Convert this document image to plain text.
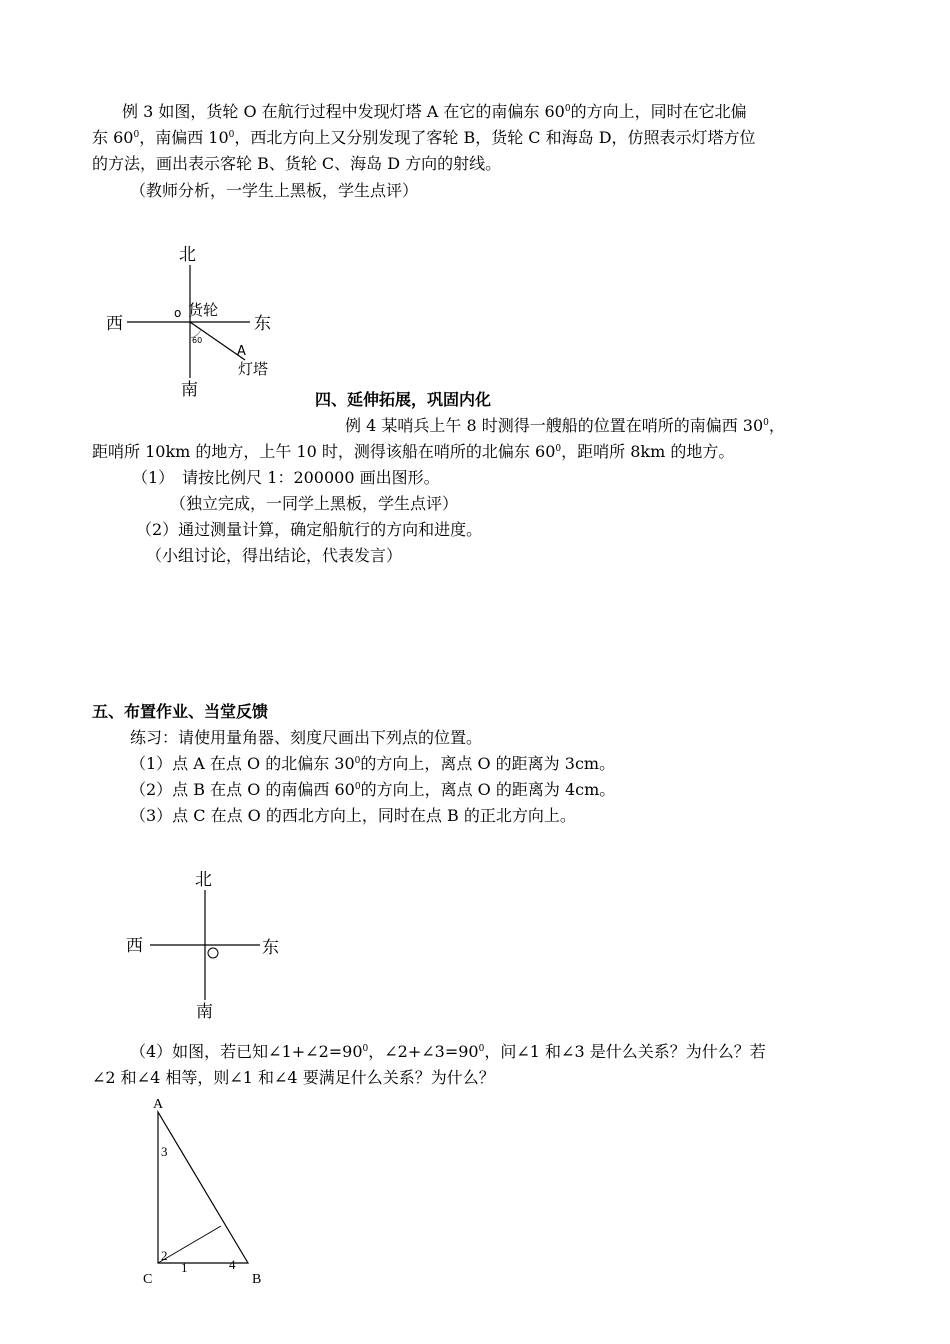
例 3 如图，货轮 O 在航行过程中发现灯塔 A 在它的南偏东 $60^0$的方向上，同时在它北偏
东 $60^0$，南偏西 $10^0$，西北方向上又分别发现了客轮 B，货轮 C 和海岛 D，仿照表示灯塔方位
的方法，画出表示客轮 B、货轮 C、海岛 D 方向的射线。
（教师分析，一学生上黑板，学生点评）
北
南
西	东
o 货轮
60
A
灯塔
四、延伸拓展，巩固内化
例 4 某哨兵上午 8 时测得一艘船的位置在哨所的南偏西 $30^0$，
距哨所 10km 的地方，上午 10 时，测得该船在哨所的北偏东 $60^0$，距哨所 8km 的地方。
（1）　请按比例尺 1：200000 画出图形。
（独立完成，一同学上黑板，学生点评）
（2）通过测量计算，确定船航行的方向和进度。
（小组讨论，得出结论，代表发言）
五、布置作业、当堂反馈
练习：请使用量角器、刻度尺画出下列点的位置。
（1）点 A 在点 O 的北偏东 $30^0$的方向上，离点 O 的距离为 3cm。
（2）点 B 在点 O 的南偏西 $60^0$的方向上，离点 O 的距离为 4cm。
（3）点 C 在点 O 的西北方向上，同时在点 B 的正北方向上。
北
南
西	东
（4）如图，若已知$\angle 1+\angle 2=90^0$，$\angle 2+\angle 3=90^0$，问∠1 和∠3 是什么关系？为什么？若
∠2 和∠4 相等，则∠1 和∠4 要满足什么关系？为什么？
A
C	B
3
2
1	4
